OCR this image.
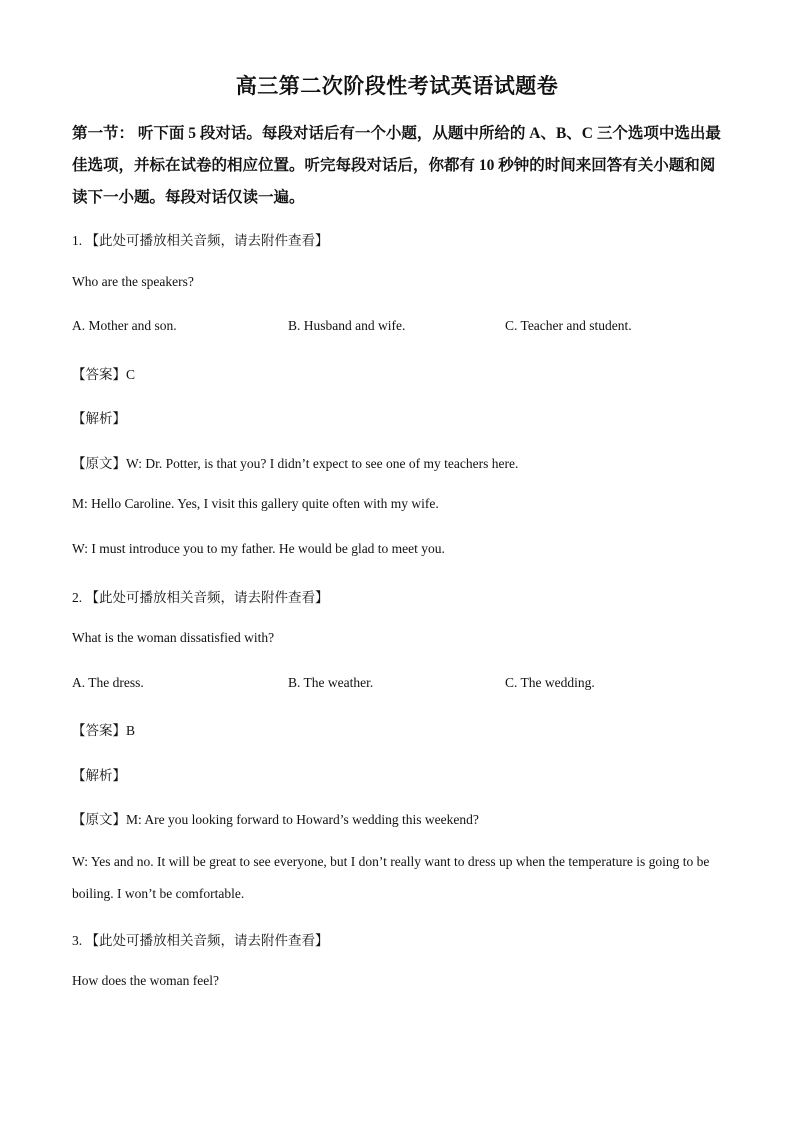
高三第二次阶段性考试英语试题卷
第一节： 听下面 5 段对话。每段对话后有一个小题，从题中所给的 A、B、C 三个选项中选出最佳选项，并标在试卷的相应位置。听完每段对话后，你都有 10 秒钟的时间来回答有关小题和阅读下一小题。每段对话仅读一遍。
1. 【此处可播放相关音频，请去附件查看】
Who are the speakers?
A. Mother and son.	B. Husband and wife.	C. Teacher and student.
【答案】C
【解析】
【原文】W: Dr. Potter, is that you? I didn’t expect to see one of my teachers here.
M: Hello Caroline. Yes, I visit this gallery quite often with my wife.
W: I must introduce you to my father. He would be glad to meet you.
2. 【此处可播放相关音频，请去附件查看】
What is the woman dissatisfied with?
A. The dress.	B. The weather.	C. The wedding.
【答案】B
【解析】
【原文】M: Are you looking forward to Howard’s wedding this weekend?
W: Yes and no. It will be great to see everyone, but I don’t really want to dress up when the temperature is going to be boiling. I won’t be comfortable.
3. 【此处可播放相关音频，请去附件查看】
How does the woman feel?
